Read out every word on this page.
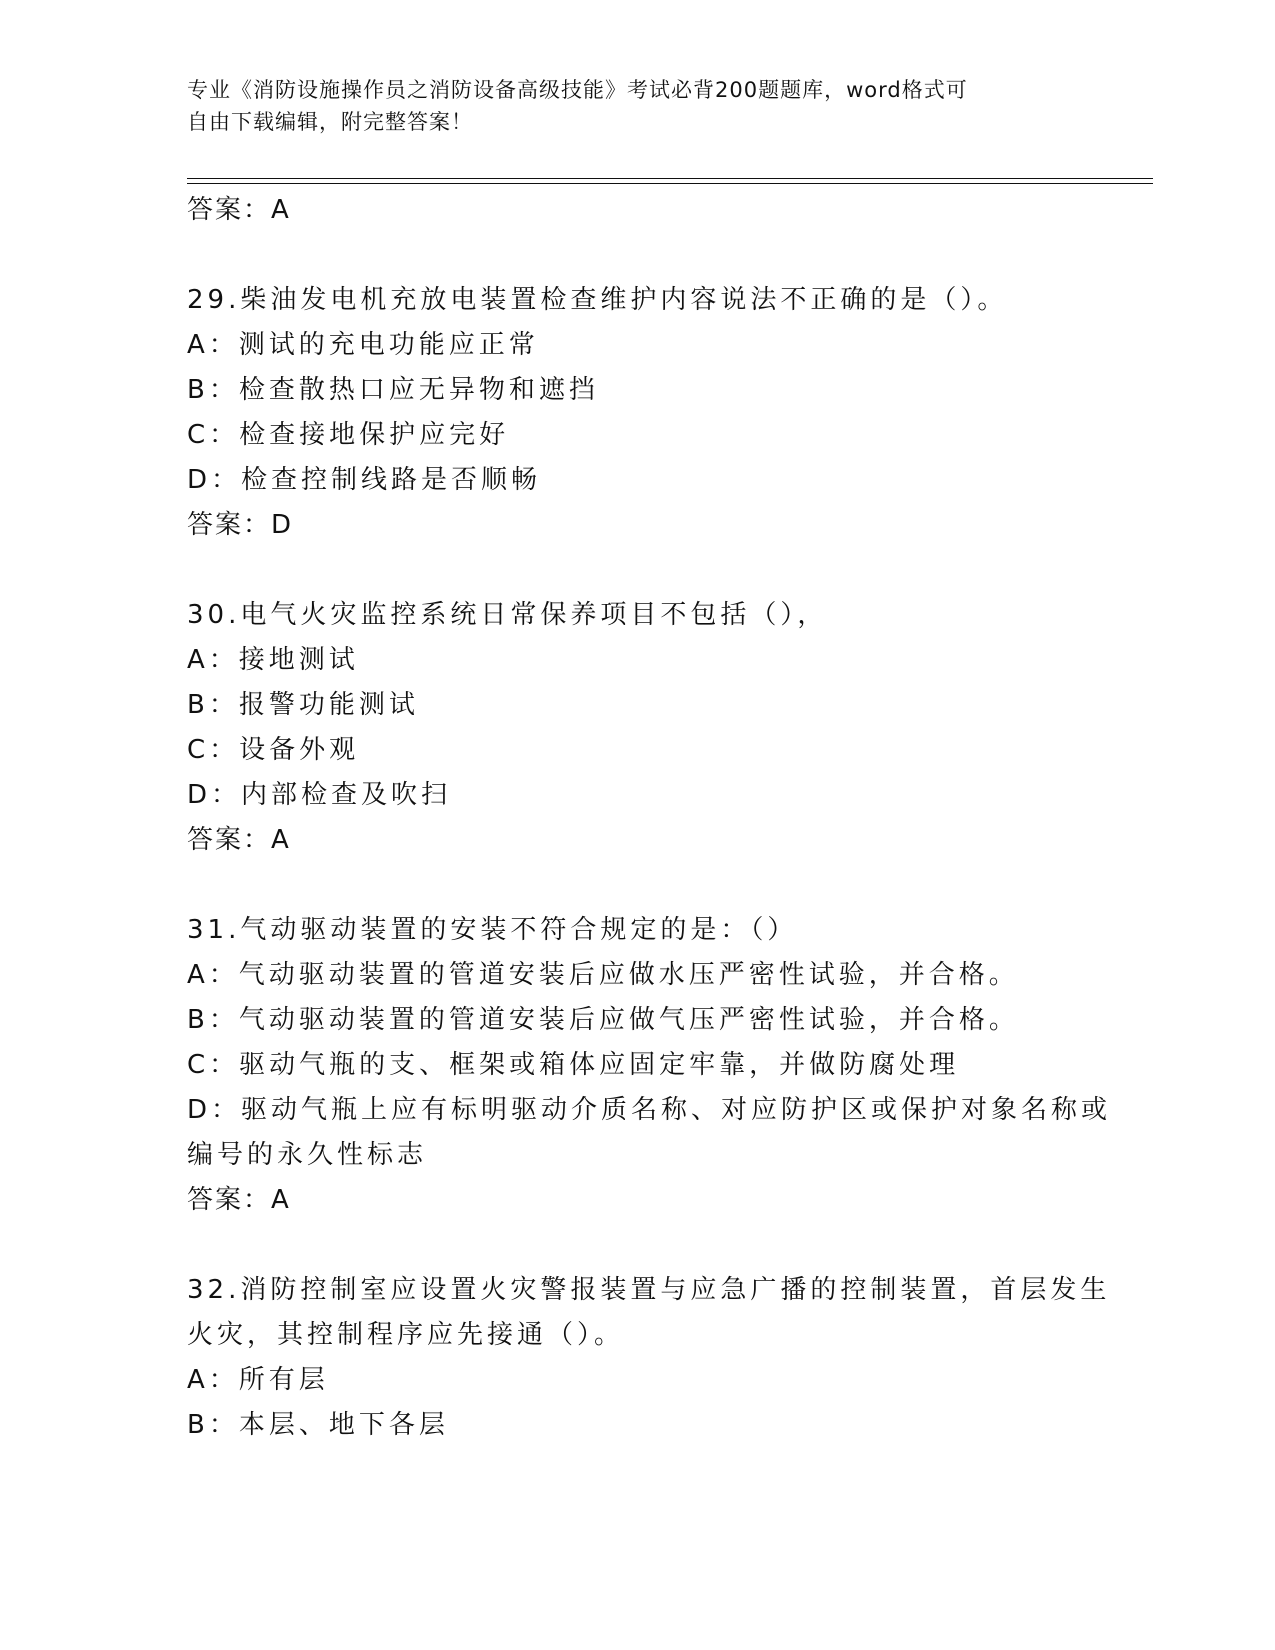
专业《消防设施操作员之消防设备高级技能》考试必背200题题库，word格式可
自由下载编辑，附完整答案！
答案：A
29.柴油发电机充放电装置检查维护内容说法不正确的是（）。
A：测试的充电功能应正常
B：检查散热口应无异物和遮挡
C：检查接地保护应完好
D：检查控制线路是否顺畅
答案：D
30.电气火灾监控系统日常保养项目不包括（），
A：接地测试
B：报警功能测试
C：设备外观
D：内部检查及吹扫
答案：A
31.气动驱动装置的安装不符合规定的是：（）
A：气动驱动装置的管道安装后应做水压严密性试验，并合格。
B：气动驱动装置的管道安装后应做气压严密性试验，并合格。
C：驱动气瓶的支、框架或箱体应固定牢靠，并做防腐处理
D：驱动气瓶上应有标明驱动介质名称、对应防护区或保护对象名称或
编号的永久性标志
答案：A
32.消防控制室应设置火灾警报装置与应急广播的控制装置，首层发生
火灾，其控制程序应先接通（）。
A：所有层
B：本层、地下各层
